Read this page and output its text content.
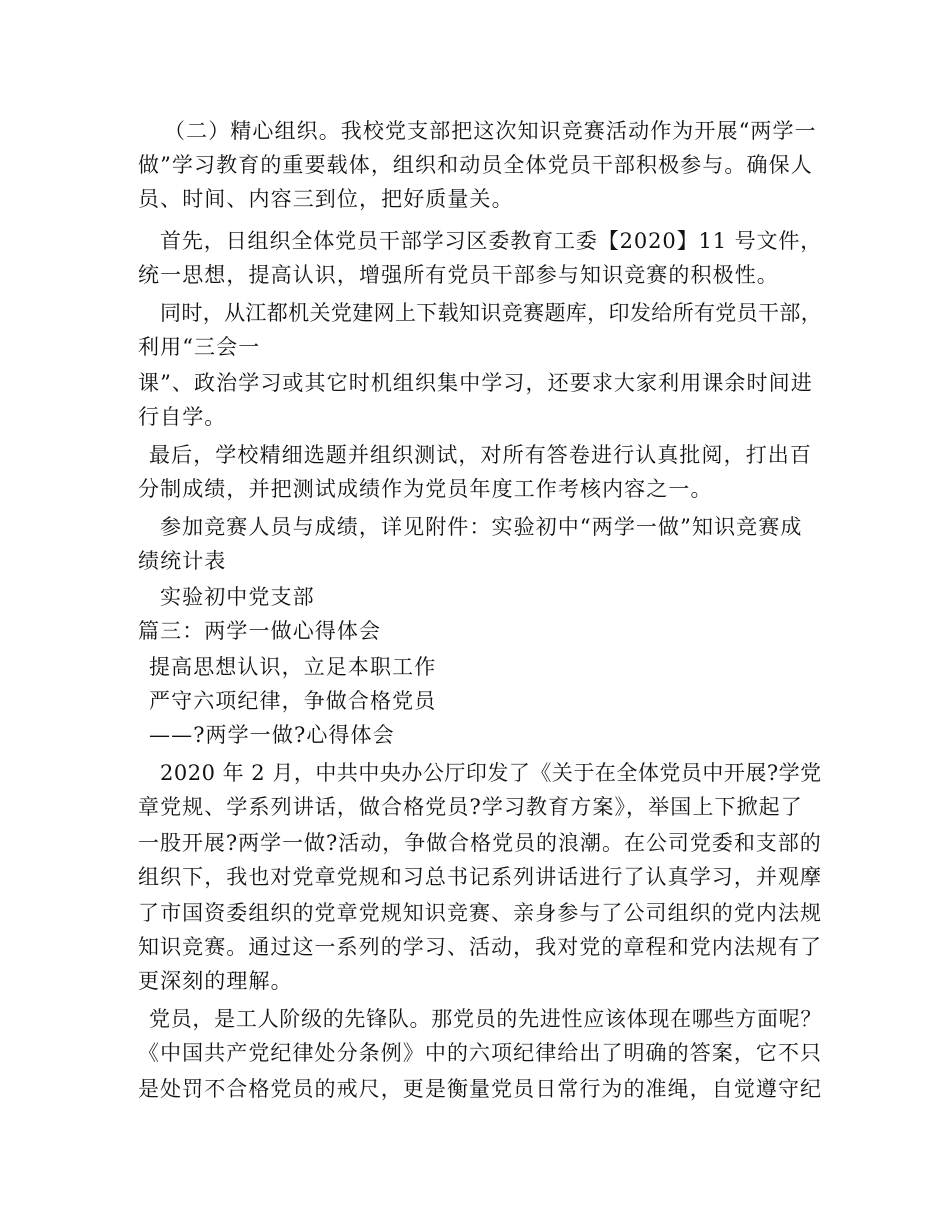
（二）精心组织。我校党支部把这次知识竞赛活动作为开展“两学一
做”学习教育的重要载体，组织和动员全体党员干部积极参与。确保人
员、时间、内容三到位，把好质量关。
首先，日组织全体党员干部学习区委教育工委【2020】11 号文件，
统一思想，提高认识，增强所有党员干部参与知识竞赛的积极性。
同时，从江都机关党建网上下载知识竞赛题库，印发给所有党员干部，
利用“三会一
课”、政治学习或其它时机组织集中学习，还要求大家利用课余时间进
行自学。
最后，学校精细选题并组织测试，对所有答卷进行认真批阅，打出百
分制成绩，并把测试成绩作为党员年度工作考核内容之一。
参加竞赛人员与成绩，详见附件：实验初中“两学一做”知识竞赛成
绩统计表
实验初中党支部
篇三：两学一做心得体会
提高思想认识，立足本职工作
严守六项纪律，争做合格党员
——?两学一做?心得体会
2020 年 2 月，中共中央办公厅印发了《关于在全体党员中开展?学党
章党规、学系列讲话，做合格党员?学习教育方案》，举国上下掀起了
一股开展?两学一做?活动，争做合格党员的浪潮。在公司党委和支部的
组织下，我也对党章党规和习总书记系列讲话进行了认真学习，并观摩
了市国资委组织的党章党规知识竞赛、亲身参与了公司组织的党内法规
知识竞赛。通过这一系列的学习、活动，我对党的章程和党内法规有了
更深刻的理解。
党员，是工人阶级的先锋队。那党员的先进性应该体现在哪些方面呢？
《中国共产党纪律处分条例》中的六项纪律给出了明确的答案，它不只
是处罚不合格党员的戒尺，更是衡量党员日常行为的准绳，自觉遵守纪
